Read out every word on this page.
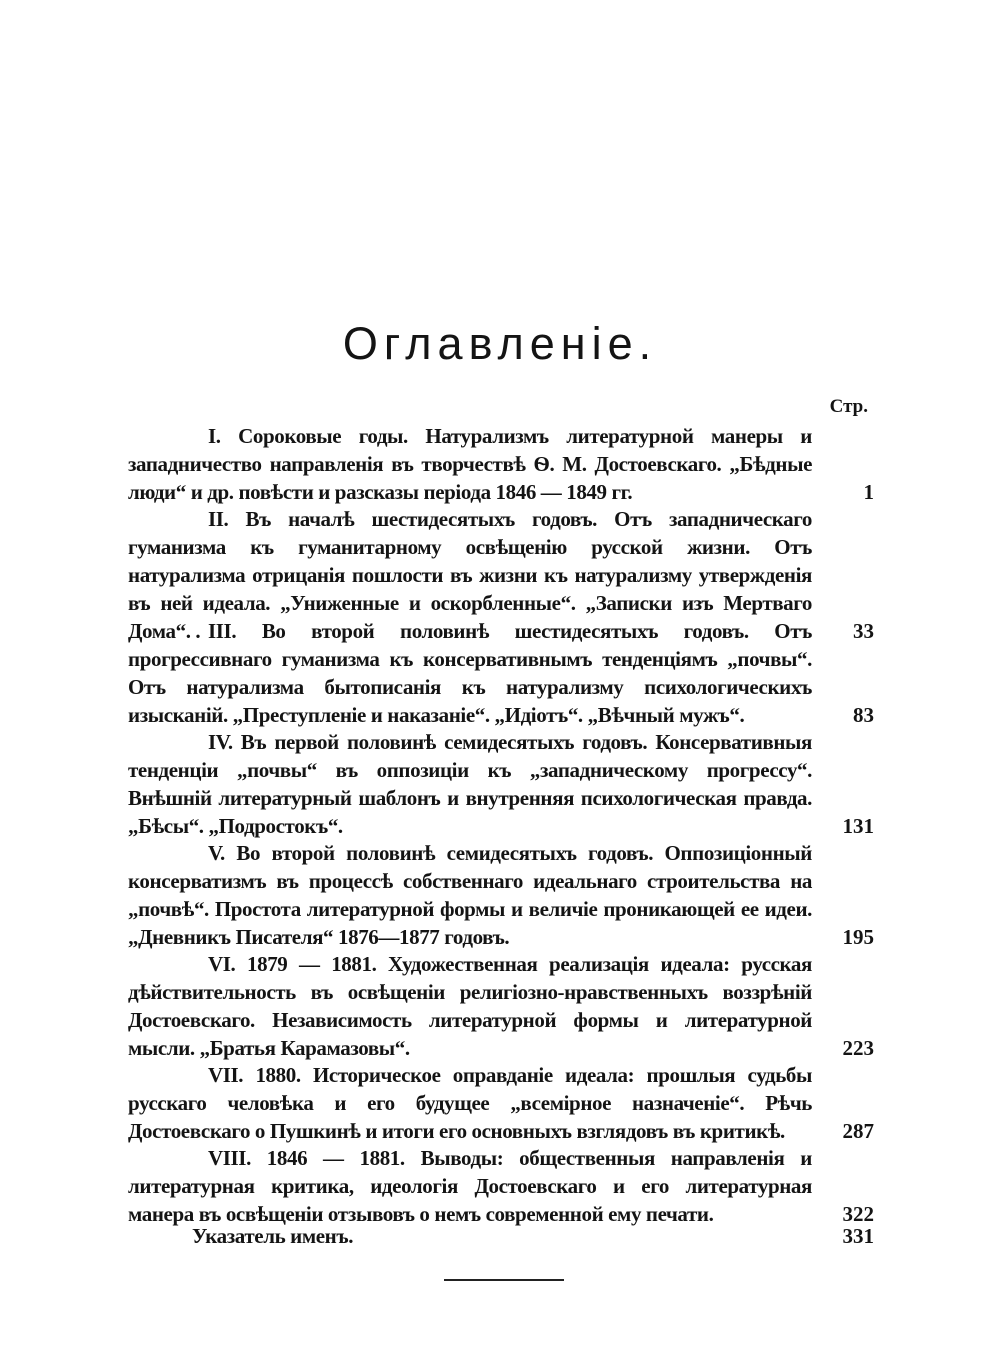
Оглавленіе.
Стр.
I. Сороковые годы. Натурализмъ литературной манеры и западничество направленія въ творчествѣ Ѳ. М. Достоевскаго. „Бѣдные люди“ и др. повѣсти и разсказы періода 1846 — 1849 гг.	1
II. Въ началѣ шестидесятыхъ годовъ. Отъ западническаго гуманизма къ гуманитарному освѣщенію русской жизни. Отъ натурализма отрицанія пошлости въ жизни къ натурализму утвержденія въ ней идеала. „Униженные и оскорбленные“. „Записки изъ Мертваго Дома“. .	33
III. Во второй половинѣ шестидесятыхъ годовъ. Отъ прогрессивнаго гуманизма къ консервативнымъ тенденціямъ „почвы“. Отъ натурализма бытописанія къ натурализму психологическихъ изысканій. „Преступленіе и наказаніе“. „Идіотъ“. „Вѣчный мужъ“.	83
IV. Въ первой половинѣ семидесятыхъ годовъ. Консервативныя тенденціи „почвы“ въ оппозиціи къ „западническому прогрессу“. Внѣшній литературный шаблонъ и внутренняя психологическая правда. „Бѣсы“. „Подростокъ“.	131
V. Во второй половинѣ семидесятыхъ годовъ. Оппозиціонный консерватизмъ въ процессѣ собственнаго идеальнаго строительства на „почвѣ“. Простота литературной формы и величіе проникающей ее идеи. „Дневникъ Писателя“ 1876—1877 годовъ.	195
VI. 1879 — 1881. Художественная реализація идеала: русская дѣйствительность въ освѣщеніи религіозно-нравственныхъ воззрѣній Достоевскаго. Независимость литературной формы и литературной мысли. „Братья Карамазовы“.	223
VII. 1880. Историческое оправданіе идеала: прошлыя судьбы русскаго человѣка и его будущее „всемірное назначеніе“. Рѣчь Достоевскаго о Пушкинѣ и итоги его основныхъ взглядовъ въ критикѣ.	287
VIII. 1846 — 1881. Выводы: общественныя направленія и литературная критика, идеологія Достоевскаго и его литературная манера въ освѣщеніи отзывовъ о немъ современной ему печати.	322
Указатель именъ.	331
